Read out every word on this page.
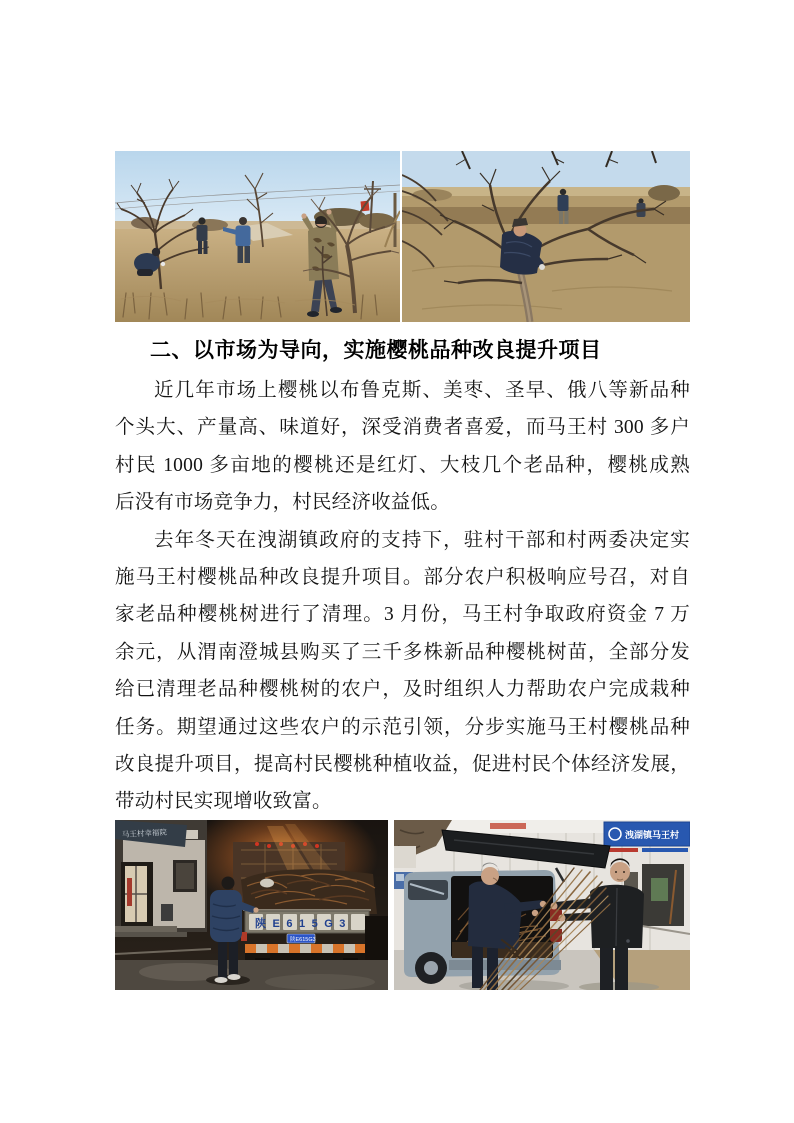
二、以市场为导向，实施樱桃品种改良提升项目
近几年市场上樱桃以布鲁克斯、美枣、圣早、俄八等新品种
个头大、产量高、味道好，深受消费者喜爱，而马王村 300 多户
村民 1000 多亩地的樱桃还是红灯、大枝几个老品种，樱桃成熟
后没有市场竞争力，村民经济收益低。
去年冬天在洩湖镇政府的支持下，驻村干部和村两委决定实
施马王村樱桃品种改良提升项目。部分农户积极响应号召，对自
家老品种樱桃树进行了清理。3 月份，马王村争取政府资金 7 万
余元，从渭南澄城县购买了三千多株新品种樱桃树苗，全部分发
给已清理老品种樱桃树的农户，及时组织人力帮助农户完成栽种
任务。期望通过这些农户的示范引领，分步实施马王村樱桃品种
改良提升项目，提高村民樱桃种植收益，促进村民个体经济发展，
带动村民实现增收致富。
马王村幸福院
陕E615G3
陕E615G3
洩湖镇马王村
